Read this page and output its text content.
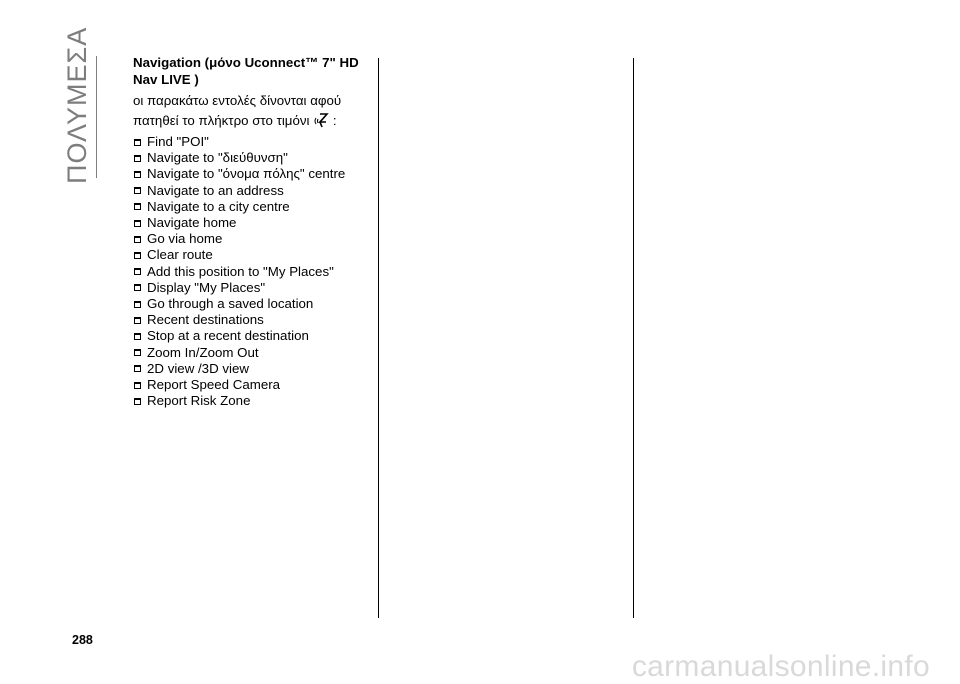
ΠΟΛΥΜΕΣΑ	Navigation (μόνο Uconnect™ 7" HD Nav LIVE )
οι παρακάτω εντολές δίνονται αφού πατηθεί το πλήκτρο στο τιμόνι :
Find "POI"
Navigate to "διεύθυνση"
Navigate to "όνομα πόλης" centre
Navigate to an address
Navigate to a city centre
Navigate home
Go via home
Clear route
Add this position to "My Places"
Display "My Places"
Go through a saved location
Recent destinations
Stop at a recent destination
Zoom In/Zoom Out
2D view /3D view
Report Speed Camera
Report Risk Zone
288
carmanualsonline.info
